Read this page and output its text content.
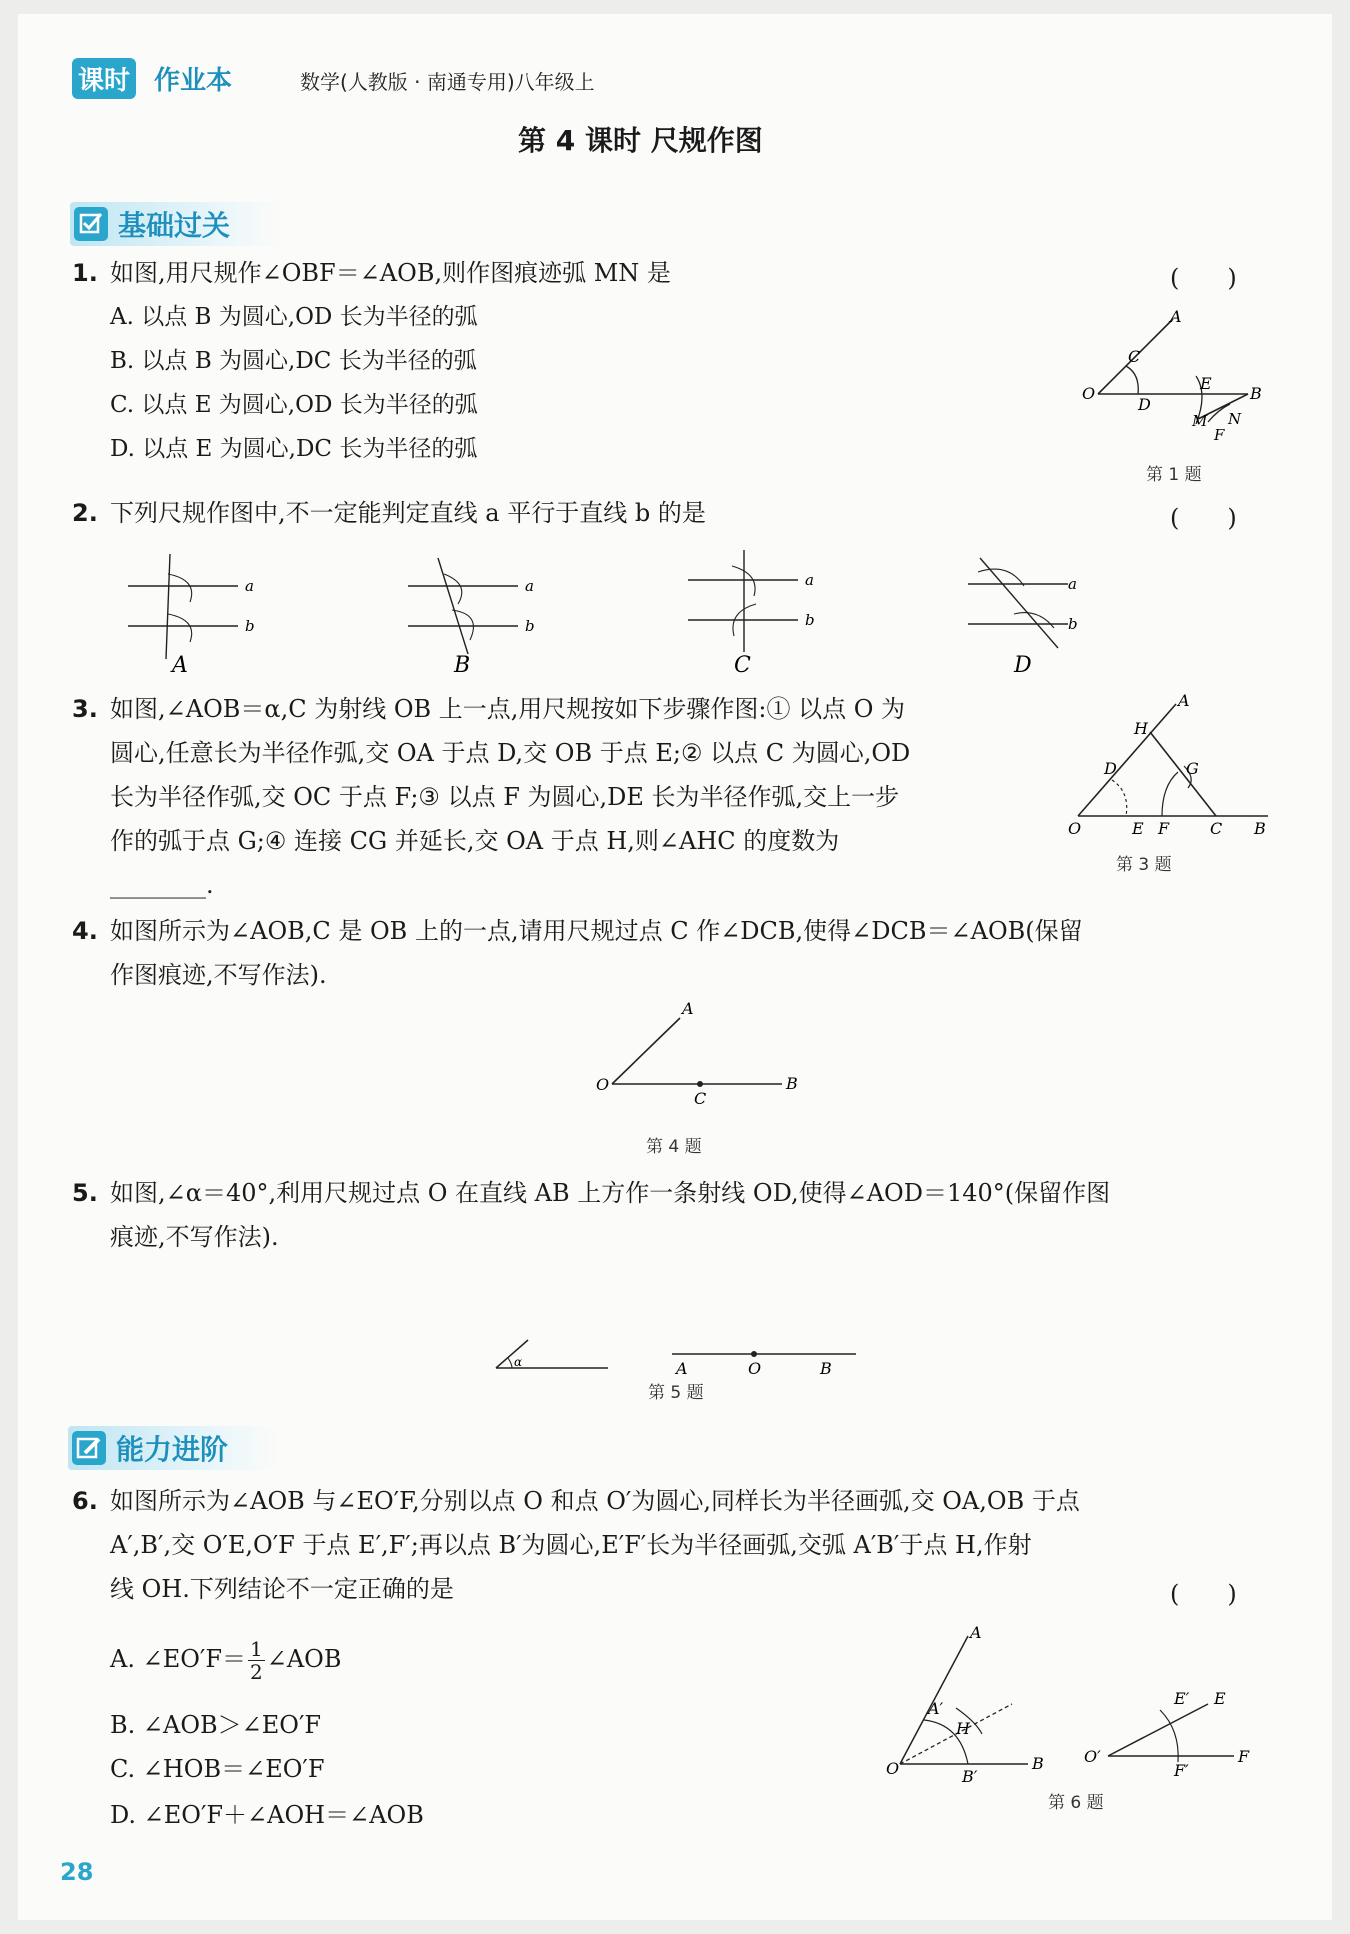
课时 作业本	数学(人教版 · 南通专用)八年级上
第 4 课时 尺规作图
基础过关
1. 如图,用尺规作∠OBF＝∠AOB,则作图痕迹弧 MN 是	(　　)
A. 以点 B 为圆心,OD 长为半径的弧
B. 以点 B 为圆心,DC 长为半径的弧
C. 以点 E 为圆心,OD 长为半径的弧
D. 以点 E 为圆心,DC 长为半径的弧
A
C
O
D
E
B
M N
F
第 1 题
2. 下列尺规作图中,不一定能判定直线 a 平行于直线 b 的是	(　　)
a
b
A
a
b
B
a
b
C
a
b
D
3. 如图,∠AOB＝α,C 为射线 OB 上一点,用尺规按如下步骤作图:① 以点 O 为
圆心,任意长为半径作弧,交 OA 于点 D,交 OB 于点 E;② 以点 C 为圆心,OD
长为半径作弧,交 OC 于点 F;③ 以点 F 为圆心,DE 长为半径作弧,交上一步
作的弧于点 G;④ 连接 CG 并延长,交 OA 于点 H,则∠AHC 的度数为
________.
A
H
D	G
O	E F	C B
第 3 题
4. 如图所示为∠AOB,C 是 OB 上的一点,请用尺规过点 C 作∠DCB,使得∠DCB＝∠AOB(保留
作图痕迹,不写作法).
A
O
C
B
第 4 题
5. 如图,∠α＝40°,利用尺规过点 O 在直线 AB 上方作一条射线 OD,使得∠AOD＝140°(保留作图
痕迹,不写作法).
α	A	O	B
第 5 题
能力进阶
6. 如图所示为∠AOB 与∠EO′F,分别以点 O 和点 O′为圆心,同样长为半径画弧,交 OA,OB 于点
A′,B′,交 O′E,O′F 于点 E′,F′;再以点 B′为圆心,E′F′长为半径画弧,交弧 A′B′于点 H,作射
线 OH.下列结论不一定正确的是	(　　)
A. ∠EO′F＝ $\frac{1}{2}$ ∠AOB
B. ∠AOB＞∠EO′F
C. ∠HOB＝∠EO′F
D. ∠EO′F＋∠AOH＝∠AOB
A
A′
H
O	B′
B
E′ E
O′
F′
F
第 6 题
28
